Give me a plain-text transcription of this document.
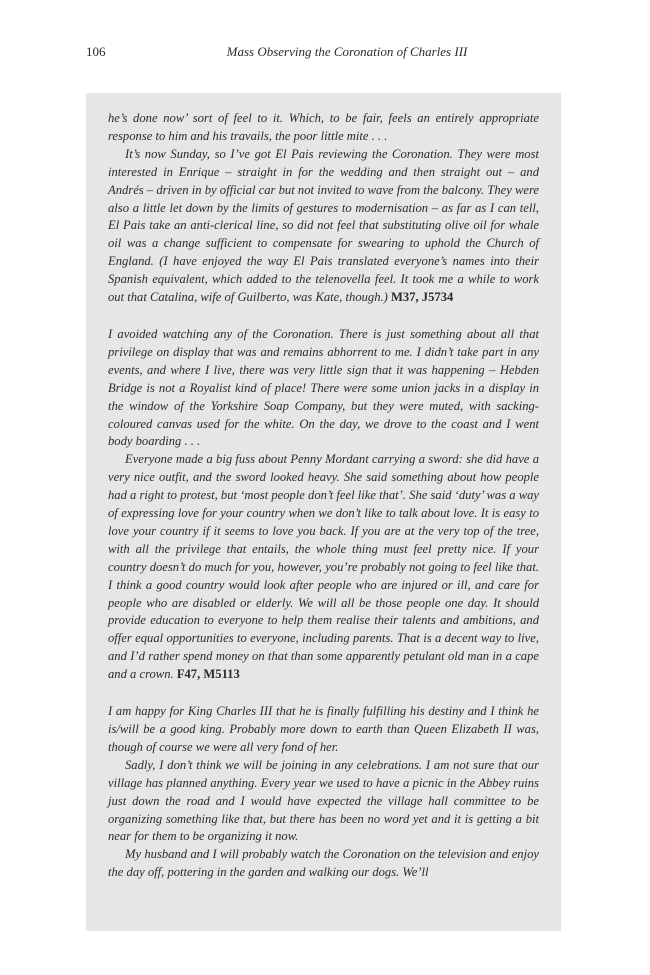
106	Mass Observing the Coronation of Charles III

he’s done now’ sort of feel to it. Which, to be fair, feels an entirely appropriate response to him and his travails, the poor little mite . . .

It’s now Sunday, so I’ve got El Pais reviewing the Coronation. They were most interested in Enrique – straight in for the wedding and then straight out – and Andrés – driven in by official car but not invited to wave from the balcony. They were also a little let down by the limits of gestures to modernisation – as far as I can tell, El Pais take an anti-clerical line, so did not feel that substituting olive oil for whale oil was a change sufficient to compensate for swearing to uphold the Church of England. (I have enjoyed the way El Pais translated everyone’s names into their Spanish equivalent, which added to the telenovella feel. It took me a while to work out that Catalina, wife of Guilberto, was Kate, though.) M37, J5734

I avoided watching any of the Coronation. There is just something about all that privilege on display that was and remains abhorrent to me. I didn’t take part in any events, and where I live, there was very little sign that it was happening – Hebden Bridge is not a Royalist kind of place! There were some union jacks in a display in the window of the Yorkshire Soap Company, but they were muted, with sacking-coloured canvas used for the white. On the day, we drove to the coast and I went body boarding . . .

Everyone made a big fuss about Penny Mordant carrying a sword: she did have a very nice outfit, and the sword looked heavy. She said something about how people had a right to protest, but ‘most people don’t feel like that’. She said ‘duty’ was a way of expressing love for your country when we don’t like to talk about love. It is easy to love your country if it seems to love you back. If you are at the very top of the tree, with all the privilege that entails, the whole thing must feel pretty nice. If your country doesn’t do much for you, however, you’re probably not going to feel like that. I think a good country would look after people who are injured or ill, and care for people who are disabled or elderly. We will all be those people one day. It should provide education to everyone to help them realise their talents and ambitions, and offer equal opportunities to everyone, including parents. That is a decent way to live, and I’d rather spend money on that than some apparently petulant old man in a cape and a crown. F47, M5113

I am happy for King Charles III that he is finally fulfilling his destiny and I think he is/will be a good king. Probably more down to earth than Queen Elizabeth II was, though of course we were all very fond of her.

Sadly, I don’t think we will be joining in any celebrations. I am not sure that our village has planned anything. Every year we used to have a picnic in the Abbey ruins just down the road and I would have expected the village hall committee to be organizing something like that, but there has been no word yet and it is getting a bit near for them to be organizing it now.

My husband and I will probably watch the Coronation on the television and enjoy the day off, pottering in the garden and walking our dogs. We’ll
